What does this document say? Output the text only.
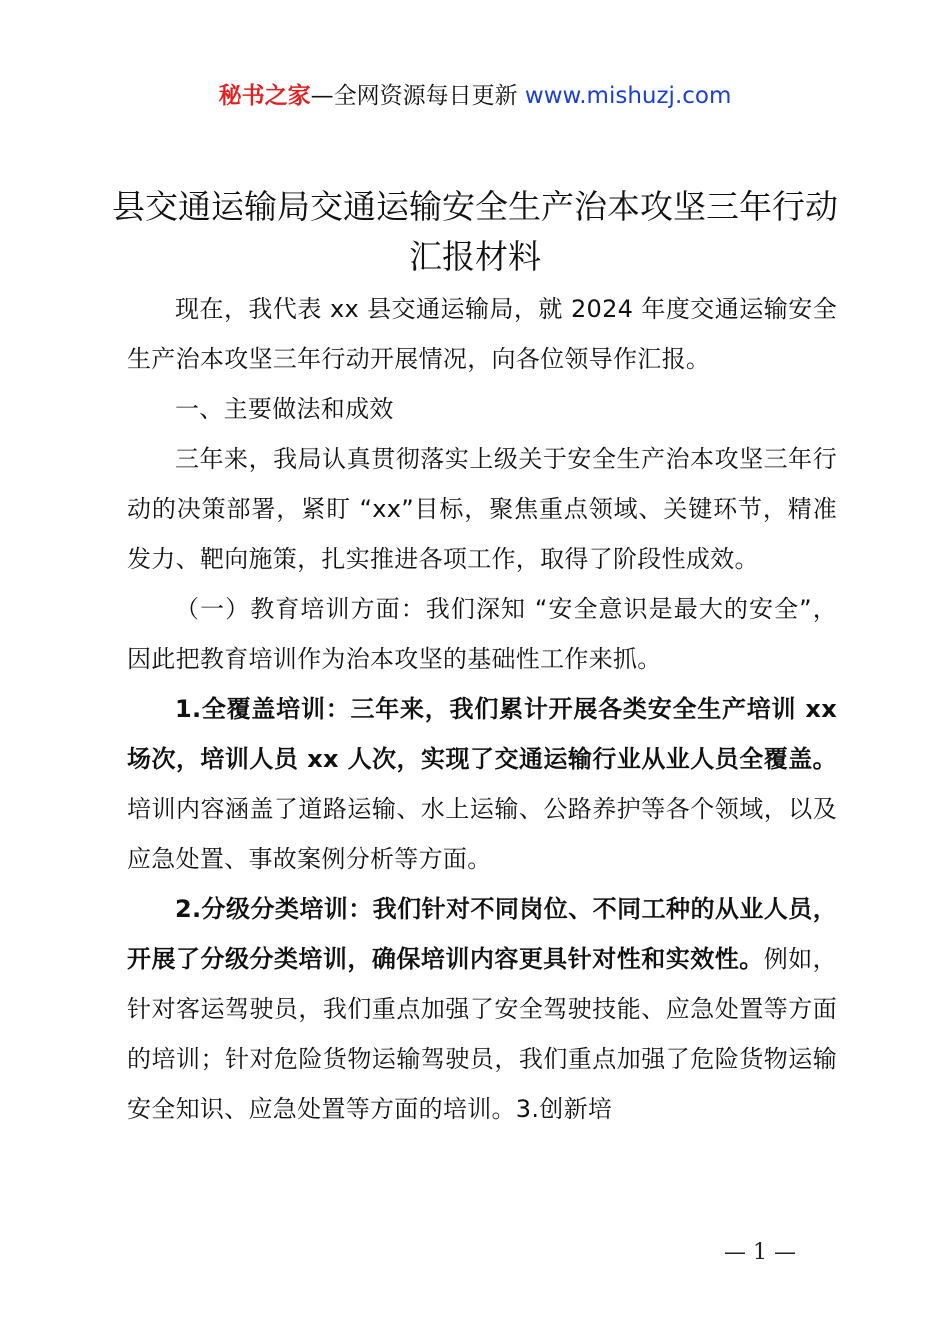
秘书之家—全网资源每日更新 www.mishuzj.com
县交通运输局交通运输安全生产治本攻坚三年行动汇报材料

现在，我代表 xx 县交通运输局，就 2024 年度交通运输安全生产治本攻坚三年行动开展情况，向各位领导作汇报。

一、主要做法和成效

三年来，我局认真贯彻落实上级关于安全生产治本攻坚三年行动的决策部署，紧盯 “xx”目标，聚焦重点领域、关键环节，精准发力、靶向施策，扎实推进各项工作，取得了阶段性成效。

（一）教育培训方面：我们深知 “安全意识是最大的安全”，因此把教育培训作为治本攻坚的基础性工作来抓。

1.全覆盖培训：三年来，我们累计开展各类安全生产培训 xx 场次，培训人员 xx 人次，实现了交通运输行业从业人员全覆盖。培训内容涵盖了道路运输、水上运输、公路养护等各个领域，以及应急处置、事故案例分析等方面。

2.分级分类培训：我们针对不同岗位、不同工种的从业人员，开展了分级分类培训，确保培训内容更具针对性和实效性。例如，针对客运驾驶员，我们重点加强了安全驾驶技能、应急处置等方面的培训；针对危险货物运输驾驶员，我们重点加强了危险货物运输安全知识、应急处置等方面的培训。3.创新培

— 1 —
